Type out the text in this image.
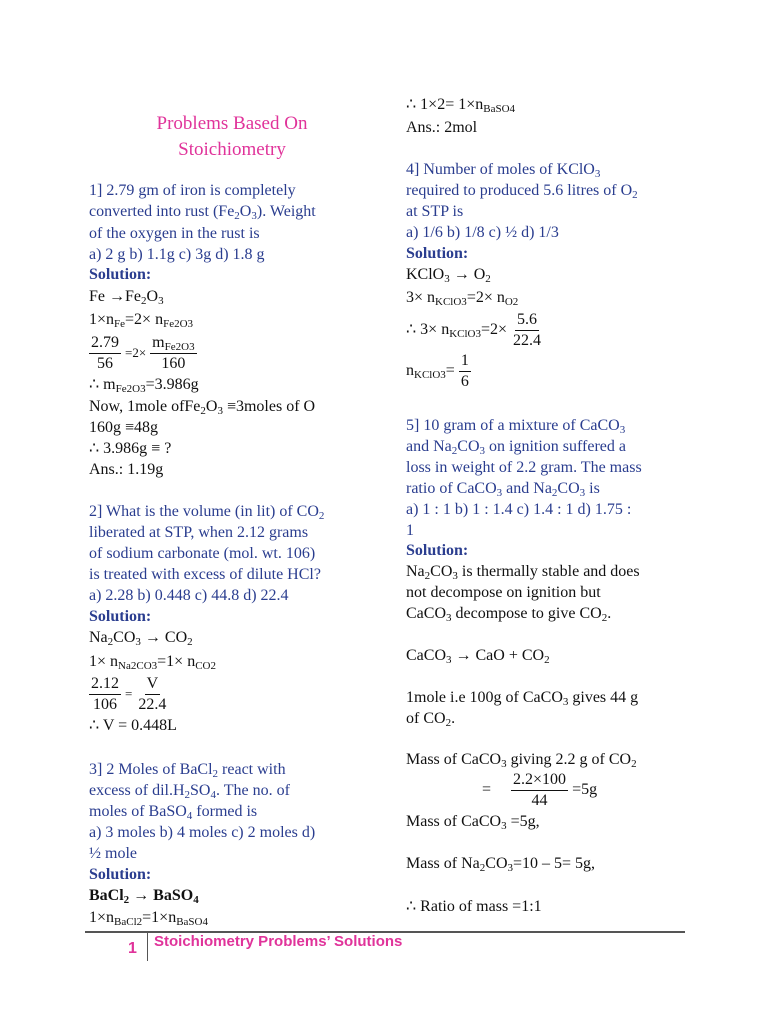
Problems Based On
Stoichiometry
1] 2.79 gm of iron is completely
converted into rust $(Fe_2O_3)$. Weight
of the oxygen in the rust is
a) 2 g b) 1.1g c) 3g d) 1.8 g
Solution:
$Fe \to Fe_2O_3$
$1\times n_{Fe}=2\times n_{Fe2O3}$
$\frac{2.79}{56} =2\times \frac{m_{Fe2O3}}{160}$
∴ $m_{Fe2O3}=3.986g$
Now, 1mole $ofFe_2O_3$ ≡3moles of O
160g ≡48g
∴ 3.986g ≡ ?
Ans.: 1.19g
2] What is the volume (in lit) of $CO_2$
liberated at STP, when 2.12 grams
of sodium carbonate (mol. wt. 106)
is treated with excess of dilute HCl?
a) 2.28 b) 0.448 c) 44.8 d) 22.4
Solution:
$Na_2CO_3 \to CO_2$
$1\times n_{Na2CO3}=1\times n_{CO2}$
$\frac{2.12}{106} = \frac{V}{22.4}$
∴ V = 0.448L
3] 2 Moles of BaCl$_2$ react with
excess of $dil.H_2SO_4$. The no. of
moles of BaSO$_4$ formed is
a) 3 moles b) 4 moles c) 2 moles d)
½ mole
Solution:
BaCl$_2$ → BaSO$_4$
$1\times n_{BaCl2}=1\times n_{BaSO4}$
∴ $1\times 2= 1\times n_{BaSO4}$
Ans.: 2mol
4] Number of moles of KClO$_3$
required to produced 5.6 litres of $O_2$
at STP is
a) 1/6 b) 1/8 c) ½ d) 1/3
Solution:
KClO$_3$ → $O_2$
$3\times n_{KClO3}=2\times n_{O2}$
∴ $3\times n_{KClO3}=2\times \frac{5.6}{22.4}$
$n_{KClO3}= \frac{1}{6}$
5] 10 gram of a mixture of CaCO$_3$
and $Na_2CO_3$ on ignition suffered a
loss in weight of 2.2 gram. The mass
ratio of CaCO$_3$ and $Na_2CO_3$ is
a) 1 : 1 b) 1 : 1.4 c) 1.4 : 1 d) 1.75 :
1
Solution:
$Na_2CO_3$ is thermally stable and does
not decompose on ignition but
CaCO$_3$ decompose to give $CO_2$.
CaCO$_3$ → CaO + $CO_2$
1mole i.e 100g of CaCO$_3$ gives 44 g
of $CO_2$.
Mass of CaCO$_3$ giving 2.2 g of $CO_2$
= $\frac{2.2\times 100}{44} =5g$
Mass of CaCO$_3$ =5g,
Mass of $Na_2CO_3=10 - 5= 5g$,
∴ Ratio of mass =1:1
1 Stoichiometry Problems’ Solutions
